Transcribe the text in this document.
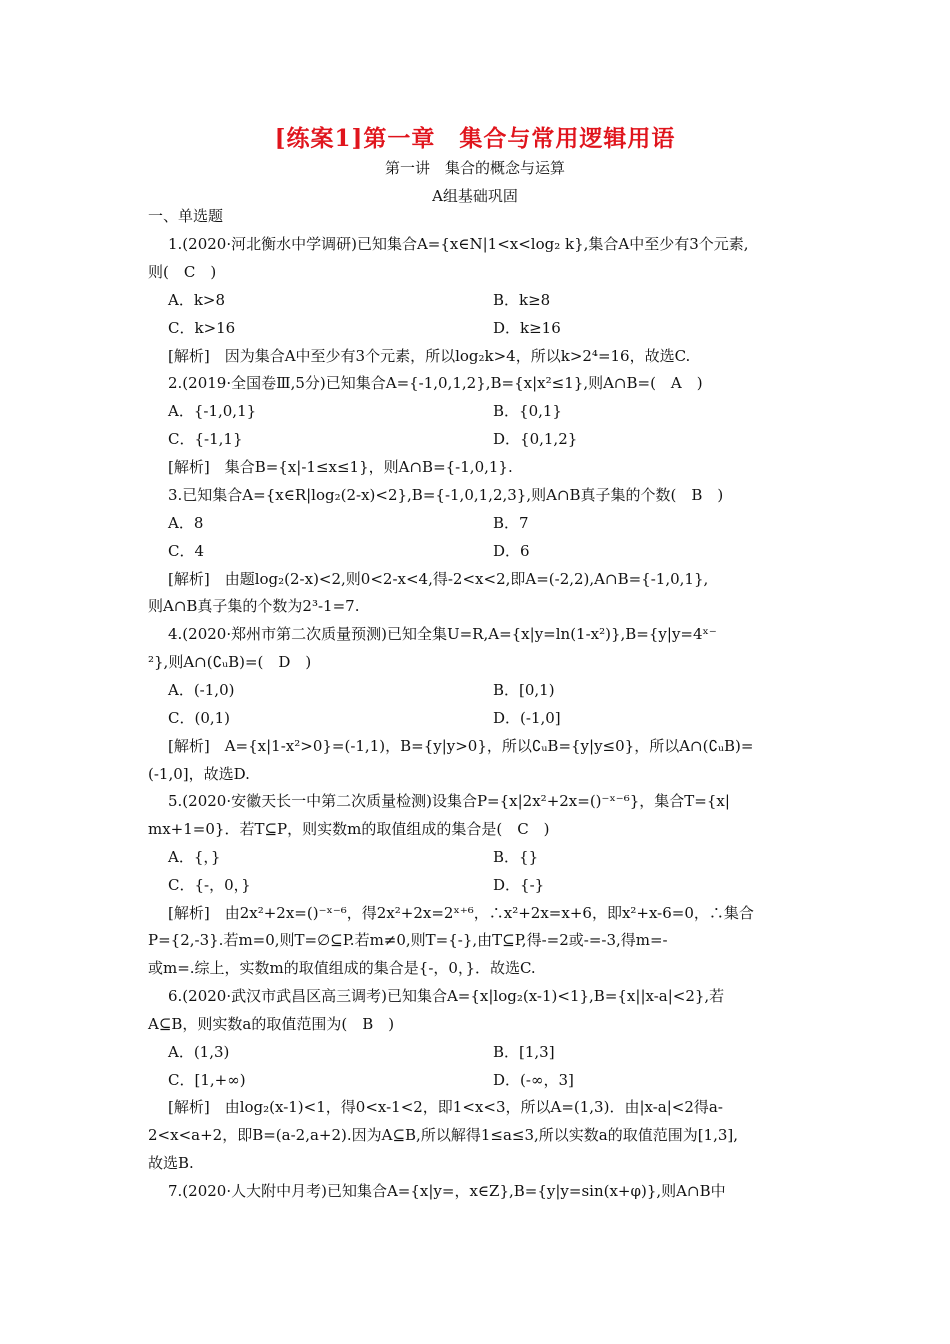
[练案1]第一章　集合与常用逻辑用语
第一讲　集合的概念与运算
A组基础巩固
一、单选题
1.(2020·河北衡水中学调研)已知集合A={x∈N|1<x<log₂ k},集合A中至少有3个元素,
则(　C　)
A．k>8	B．k≥8
C．k>16	D．k≥16
[解析]　因为集合A中至少有3个元素，所以log₂k>4，所以k>2⁴=16，故选C.
2.(2019·全国卷Ⅲ,5分)已知集合A={-1,0,1,2},B={x|x²≤1},则A∩B=(　A　)
A．{-1,0,1}	B．{0,1}
C．{-1,1}	D．{0,1,2}
[解析]　集合B={x|-1≤x≤1}，则A∩B={-1,0,1}.
3.已知集合A={x∈R|log₂(2-x)<2},B={-1,0,1,2,3},则A∩B真子集的个数(　B　)
A．8	B．7
C．4	D．6
[解析]　由题log₂(2-x)<2,则0<2-x<4,得-2<x<2,即A=(-2,2),A∩B={-1,0,1},
则A∩B真子集的个数为2³-1=7.
4.(2020·郑州市第二次质量预测)已知全集U=R,A={x|y=ln(1-x²)},B={y|y=4ˣ⁻
²},则A∩(∁ᵤB)=(　D　)
A．(-1,0)	B．[0,1)
C．(0,1)	D．(-1,0]
[解析]　A={x|1-x²>0}=(-1,1)，B={y|y>0}，所以∁ᵤB={y|y≤0}，所以A∩(∁ᵤB)=
(-1,0]，故选D.
5.(2020·安徽天长一中第二次质量检测)设集合P={x|2x²+2x=()⁻ˣ⁻⁶}，集合T={x|
mx+1=0}．若T⊆P，则实数m的取值组成的集合是(　C　)
A．{，}	B．{}
C．{-，0，}	D．{-}
[解析]　由2x²+2x=()⁻ˣ⁻⁶，得2x²+2x=2ˣ⁺⁶，∴x²+2x=x+6，即x²+x-6=0，∴集合
P={2,-3}.若m=0,则T=∅⊆P.若m≠0,则T={-},由T⊆P,得-=2或-=-3,得m=-
或m=.综上，实数m的取值组成的集合是{-，0，}．故选C.
6.(2020·武汉市武昌区高三调考)已知集合A={x|log₂(x-1)<1},B={x||x-a|<2},若
A⊆B，则实数a的取值范围为(　B　)
A．(1,3)	B．[1,3]
C．[1,+∞)	D．(-∞，3]
[解析]　由log₂(x-1)<1，得0<x-1<2，即1<x<3，所以A=(1,3)．由|x-a|<2得a-
2<x<a+2，即B=(a-2,a+2).因为A⊆B,所以解得1≤a≤3,所以实数a的取值范围为[1,3],
故选B.
7.(2020·人大附中月考)已知集合A={x|y=，x∈Z},B={y|y=sin(x+φ)},则A∩B中
